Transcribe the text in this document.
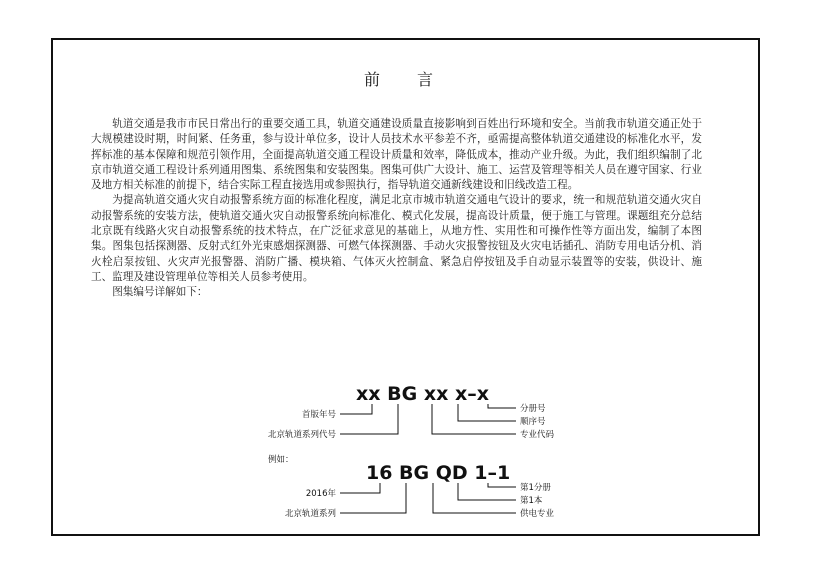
前 言

轨道交通是我市市民日常出行的重要交通工具，轨道交通建设质量直接影响到百姓出行环境和安全。当前我市轨道交通正处于大规模建设时期，时间紧、任务重，参与设计单位多，设计人员技术水平参差不齐，亟需提高整体轨道交通建设的标准化水平，发挥标准的基本保障和规范引领作用，全面提高轨道交通工程设计质量和效率，降低成本，推动产业升级。为此，我们组织编制了北京市轨道交通工程设计系列通用图集、系统图集和安装图集。图集可供广大设计、施工、运营及管理等相关人员在遵守国家、行业及地方相关标准的前提下，结合实际工程直接选用或参照执行，指导轨道交通新线建设和旧线改造工程。

为提高轨道交通火灾自动报警系统方面的标准化程度，满足北京市城市轨道交通电气设计的要求，统一和规范轨道交通火灾自动报警系统的安装方法，使轨道交通火灾自动报警系统向标准化、模式化发展，提高设计质量，便于施工与管理。课题组充分总结北京既有线路火灾自动报警系统的技术特点，在广泛征求意见的基础上，从地方性、实用性和可操作性等方面出发，编制了本图集。图集包括探测器、反射式红外光束感烟探测器、可燃气体探测器、手动火灾报警按钮及火灾电话插孔、消防专用电话分机、消火栓启泵按钮、火灾声光报警器、消防广播、模块箱、气体灭火控制盒、紧急启停按钮及手自动显示装置等的安装，供设计、施工、监理及建设管理单位等相关人员参考使用。

图集编号详解如下：

xx BG xx x–x
首版年号
北京轨道系列代号
分册号
顺序号
专业代码
例如：
16 BG QD 1–1
2016年
北京轨道系列
第1分册
第1本
供电专业
